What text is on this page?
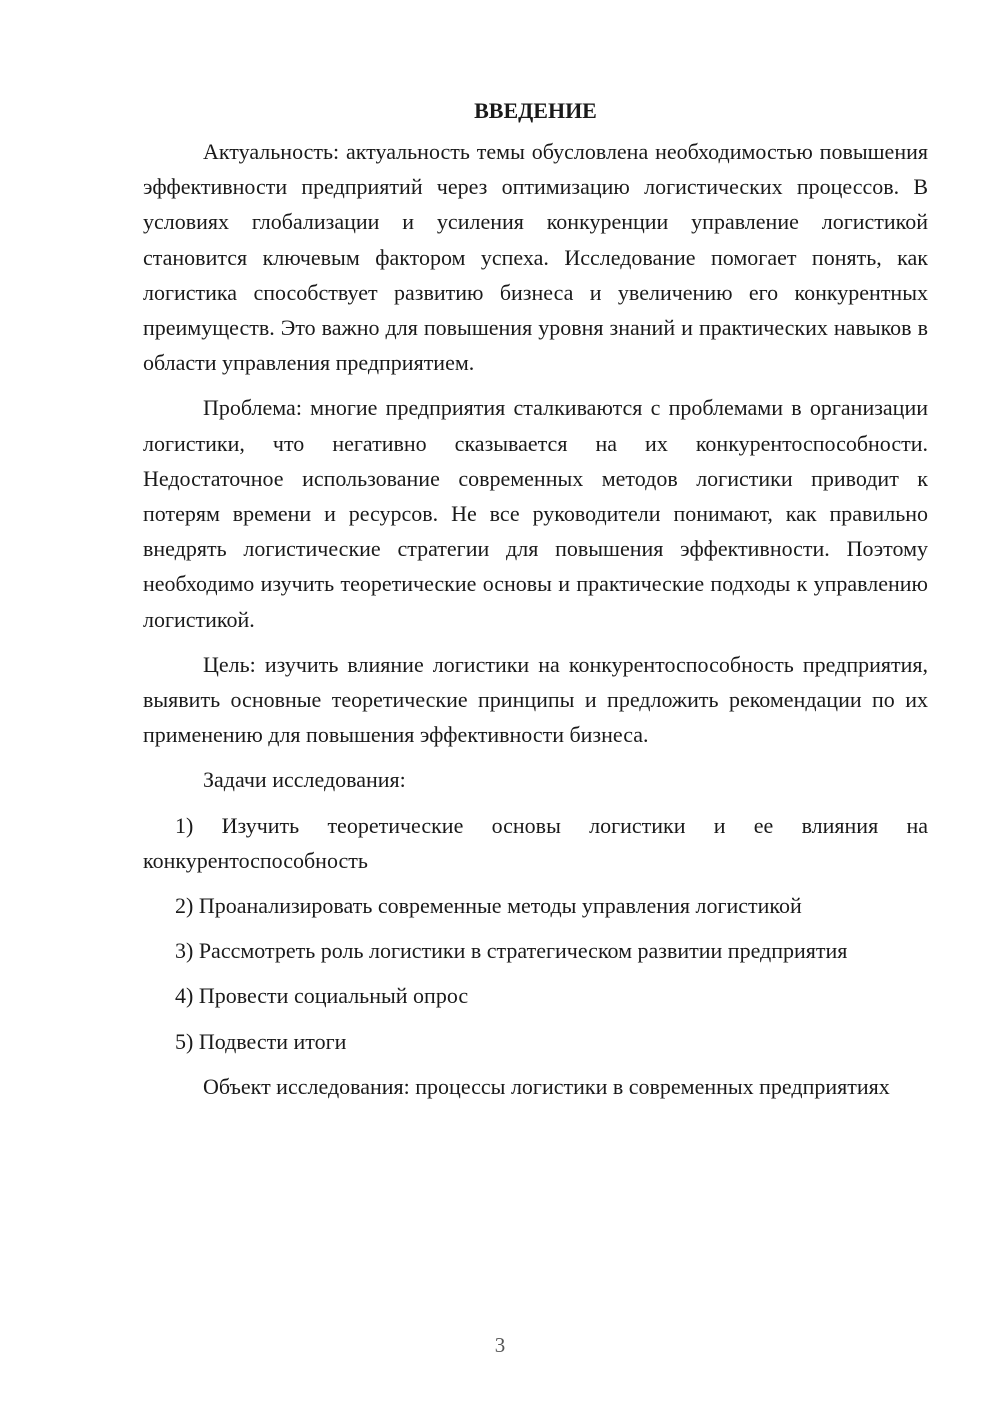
ВВЕДЕНИЕ

Актуальность: актуальность темы обусловлена необходимостью повышения эффективности предприятий через оптимизацию логистических процессов. В условиях глобализации и усиления конкуренции управление логистикой становится ключевым фактором успеха. Исследование помогает понять, как логистика способствует развитию бизнеса и увеличению его конкурентных преимуществ. Это важно для повышения уровня знаний и практических навыков в области управления предприятием.

Проблема: многие предприятия сталкиваются с проблемами в организации логистики, что негативно сказывается на их конкурентоспособности. Недостаточное использование современных методов логистики приводит к потерям времени и ресурсов. Не все руководители понимают, как правильно внедрять логистические стратегии для повышения эффективности. Поэтому необходимо изучить теоретические основы и практические подходы к управлению логистикой.

Цель: изучить влияние логистики на конкурентоспособность предприятия, выявить основные теоретические принципы и предложить рекомендации по их применению для повышения эффективности бизнеса.

Задачи исследования:

1) Изучить теоретические основы логистики и ее влияния на конкурентоспособность

2) Проанализировать современные методы управления логистикой

3) Рассмотреть роль логистики в стратегическом развитии предприятия

4) Провести социальный опрос

5) Подвести итоги

Объект исследования: процессы логистики в современных предприятиях

3
